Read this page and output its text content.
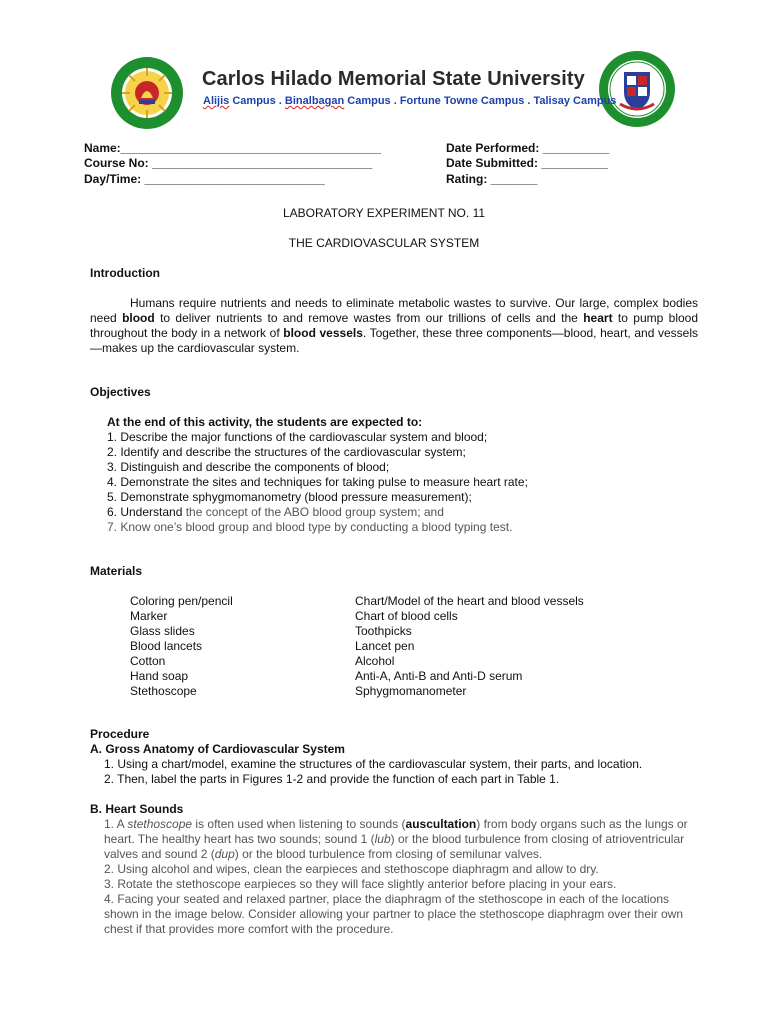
Carlos Hilado Memorial State University
Alijis Campus . Binalbagan Campus . Fortune Towne Campus . Talisay Campus
Name:_______________________________________
Course No: _________________________________
Day/Time: ___________________________
Date Performed: __________
Date Submitted: __________
Rating: _______
LABORATORY EXPERIMENT NO. 11
THE CARDIOVASCULAR SYSTEM
Introduction

Humans require nutrients and needs to eliminate metabolic wastes to survive. Our large, complex bodies need blood to deliver nutrients to and remove wastes from our trillions of cells and the heart to pump blood throughout the body in a network of blood vessels. Together, these three components—blood, heart, and vessels—makes up the cardiovascular system.

Objectives
At the end of this activity, the students are expected to:
1. Describe the major functions of the cardiovascular system and blood;
2. Identify and describe the structures of the cardiovascular system;
3. Distinguish and describe the components of blood;
4. Demonstrate the sites and techniques for taking pulse to measure heart rate;
5. Demonstrate sphygmomanometry (blood pressure measurement);
6. Understand the concept of the ABO blood group system; and
7. Know one’s blood group and blood type by conducting a blood typing test.
Materials
Coloring pen/pencil
Marker
Glass slides
Blood lancets
Cotton
Hand soap
Stethoscope
Chart/Model of the heart and blood vessels
Chart of blood cells
Toothpicks
Lancet pen
Alcohol
Anti-A, Anti-B and Anti-D serum
Sphygmomanometer
Procedure
A. Gross Anatomy of Cardiovascular System
1. Using a chart/model, examine the structures of the cardiovascular system, their parts, and location.
2. Then, label the parts in Figures 1-2 and provide the function of each part in Table 1.
B. Heart Sounds
1. A stethoscope is often used when listening to sounds (auscultation) from body organs such as the lungs or heart. The healthy heart has two sounds; sound 1 (lub) or the blood turbulence from closing of atrioventricular valves and sound 2 (dup) or the blood turbulence from closing of semilunar valves.
2. Using alcohol and wipes, clean the earpieces and stethoscope diaphragm and allow to dry.
3. Rotate the stethoscope earpieces so they will face slightly anterior before placing in your ears.
4. Facing your seated and relaxed partner, place the diaphragm of the stethoscope in each of the locations shown in the image below. Consider allowing your partner to place the stethoscope diaphragm over their own chest if that provides more comfort with the procedure.
